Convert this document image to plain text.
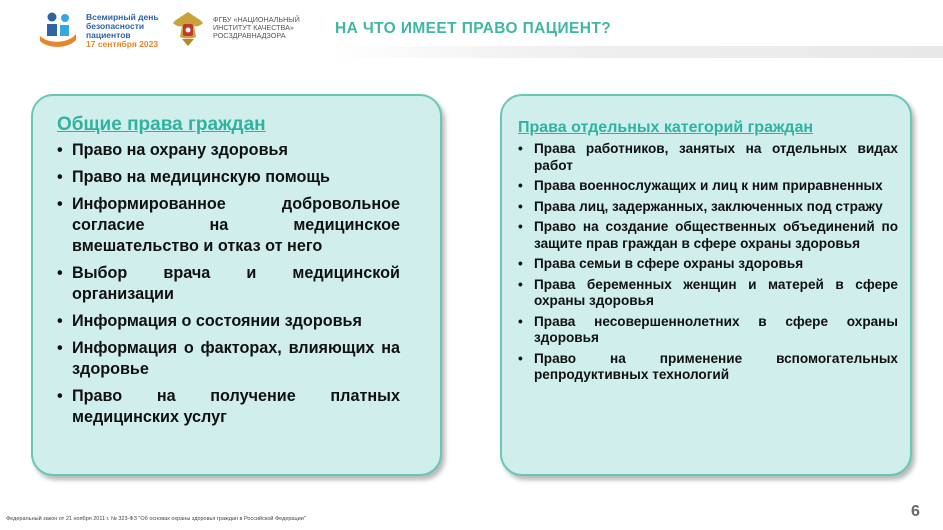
Всемирный день
безопасности
пациентов
17 сентября 2023
ФГБУ «НАЦИОНАЛЬНЫЙ
ИНСТИТУТ КАЧЕСТВА»
РОСЗДРАВНАДЗОРА	НА ЧТО ИМЕЕТ ПРАВО ПАЦИЕНТ?
Общие права граждан
• Право на охрану здоровья
• Право на медицинскую помощь
• Информированное добровольное согласие на медицинское вмешательство и отказ от него
• Выбор врача и медицинской организации
• Информация о состоянии здоровья
• Информация о факторах, влияющих на здоровье
• Право на получение платных медицинских услуг
Права отдельных категорий граждан
• Права работников, занятых на отдельных видах работ
• Права военнослужащих и лиц к ним приравненных
• Права лиц, задержанных, заключенных под стражу
• Право на создание общественных объединений по защите прав граждан в сфере охраны здоровья
• Права семьи в сфере охраны здоровья
• Права беременных женщин и матерей в сфере охраны здоровья
• Права несовершеннолетних в сфере охраны здоровья
• Право на применение вспомогательных репродуктивных технологий
Федеральный закон от 21 ноября 2011 г. № 323-ФЗ "Об основах охраны здоровья граждан в Российской Федерации"	6
